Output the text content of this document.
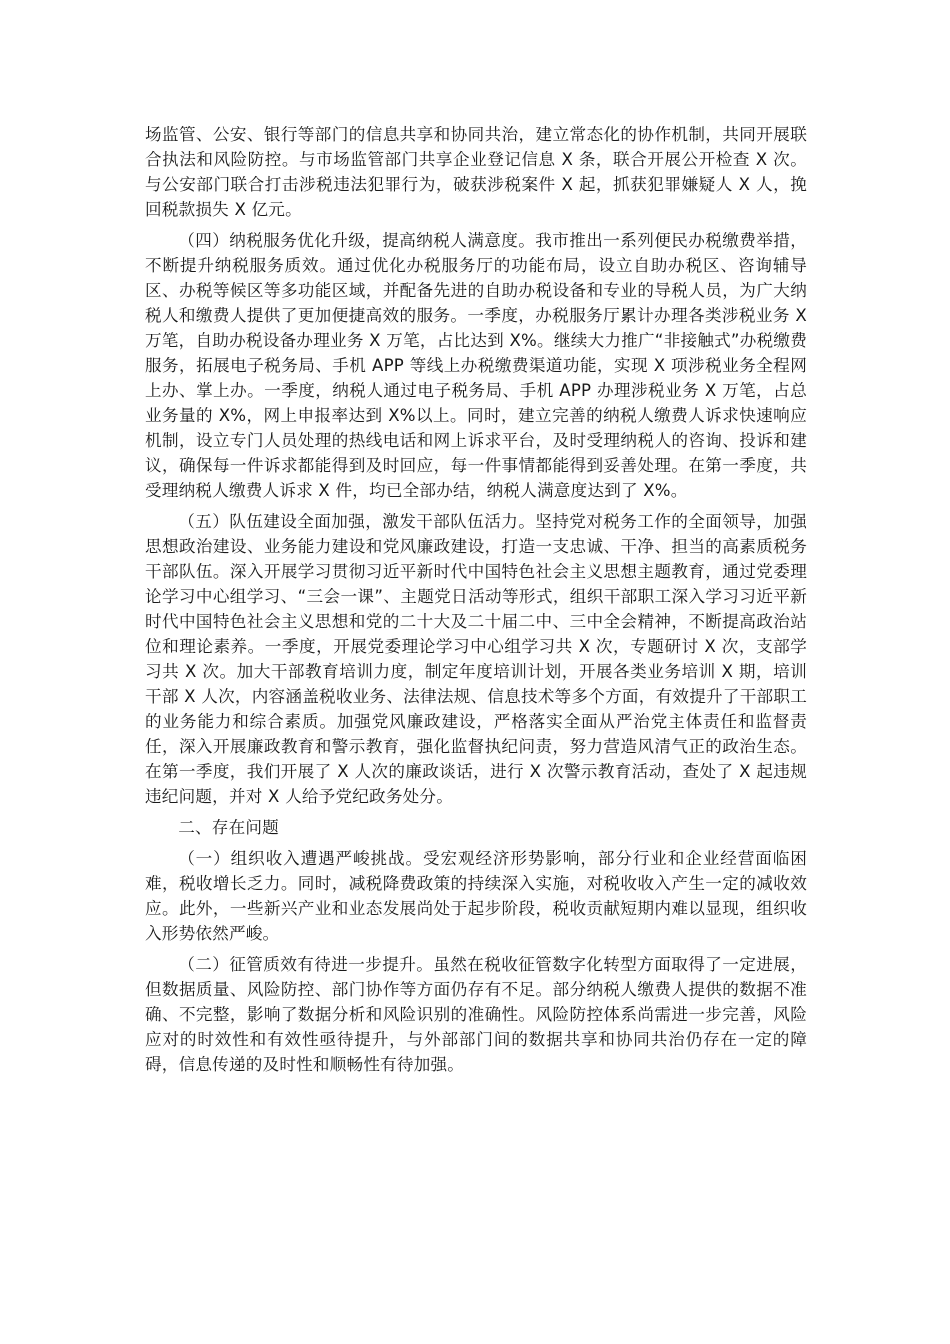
场监管、公安、银行等部门的信息共享和协同共治，建立常态化的协作机制，共同开展联合执法和风险防控。与市场监管部门共享企业登记信息 X 条，联合开展公开检查 X 次。与公安部门联合打击涉税违法犯罪行为，破获涉税案件 X 起，抓获犯罪嫌疑人 X 人，挽回税款损失 X 亿元。

（四）纳税服务优化升级，提高纳税人满意度。我市推出一系列便民办税缴费举措，不断提升纳税服务质效。通过优化办税服务厅的功能布局，设立自助办税区、咨询辅导区、办税等候区等多功能区域，并配备先进的自助办税设备和专业的导税人员，为广大纳税人和缴费人提供了更加便捷高效的服务。一季度，办税服务厅累计办理各类涉税业务 X 万笔，自助办税设备办理业务 X 万笔，占比达到 X%。继续大力推广“非接触式”办税缴费服务，拓展电子税务局、手机 APP 等线上办税缴费渠道功能，实现 X 项涉税业务全程网上办、掌上办。一季度，纳税人通过电子税务局、手机 APP 办理涉税业务 X 万笔，占总业务量的 X%，网上申报率达到 X%以上。同时，建立完善的纳税人缴费人诉求快速响应机制，设立专门人员处理的热线电话和网上诉求平台，及时受理纳税人的咨询、投诉和建议，确保每一件诉求都能得到及时回应，每一件事情都能得到妥善处理。在第一季度，共受理纳税人缴费人诉求 X 件，均已全部办结，纳税人满意度达到了 X%。

（五）队伍建设全面加强，激发干部队伍活力。坚持党对税务工作的全面领导，加强思想政治建设、业务能力建设和党风廉政建设，打造一支忠诚、干净、担当的高素质税务干部队伍。深入开展学习贯彻习近平新时代中国特色社会主义思想主题教育，通过党委理论学习中心组学习、“三会一课”、主题党日活动等形式，组织干部职工深入学习习近平新时代中国特色社会主义思想和党的二十大及二十届二中、三中全会精神，不断提高政治站位和理论素养。一季度，开展党委理论学习中心组学习共 X 次，专题研讨 X 次，支部学习共 X 次。加大干部教育培训力度，制定年度培训计划，开展各类业务培训 X 期，培训干部 X 人次，内容涵盖税收业务、法律法规、信息技术等多个方面，有效提升了干部职工的业务能力和综合素质。加强党风廉政建设，严格落实全面从严治党主体责任和监督责任，深入开展廉政教育和警示教育，强化监督执纪问责，努力营造风清气正的政治生态。在第一季度，我们开展了 X 人次的廉政谈话，进行 X 次警示教育活动，查处了 X 起违规违纪问题，并对 X 人给予党纪政务处分。

二、存在问题

（一）组织收入遭遇严峻挑战。受宏观经济形势影响，部分行业和企业经营面临困难，税收增长乏力。同时，减税降费政策的持续深入实施，对税收收入产生一定的减收效应。此外，一些新兴产业和业态发展尚处于起步阶段，税收贡献短期内难以显现，组织收入形势依然严峻。

（二）征管质效有待进一步提升。虽然在税收征管数字化转型方面取得了一定进展，但数据质量、风险防控、部门协作等方面仍存有不足。部分纳税人缴费人提供的数据不准确、不完整，影响了数据分析和风险识别的准确性。风险防控体系尚需进一步完善，风险应对的时效性和有效性亟待提升，与外部部门间的数据共享和协同共治仍存在一定的障碍，信息传递的及时性和顺畅性有待加强。
